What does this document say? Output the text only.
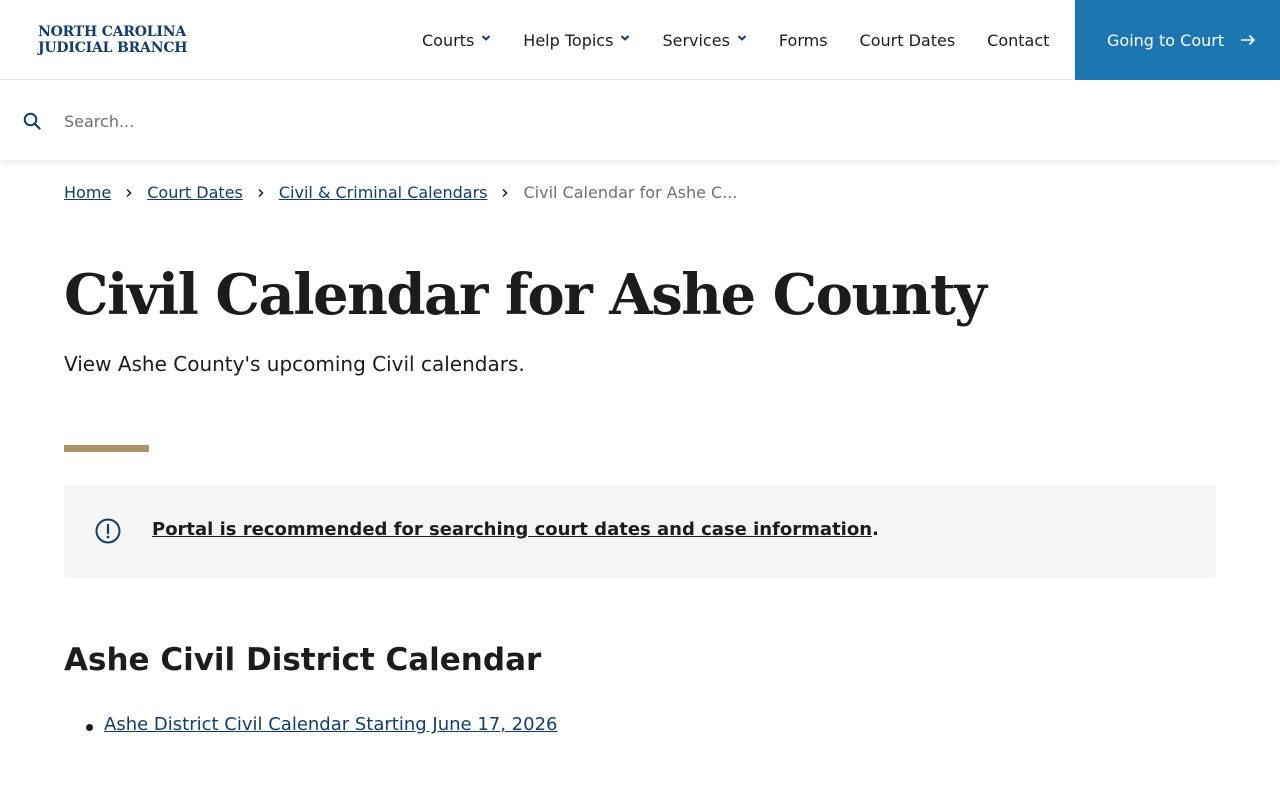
NORTH CAROLINA
JUDICIAL BRANCH	Courts	Help Topics	Services	Forms Court Dates Contact	Going to Court
Search...
Home Court Dates Civil & Criminal Calendars Civil Calendar for Ashe C...
Civil Calendar for Ashe County

View Ashe County's upcoming Civil calendars.

Portal is recommended for searching court dates and case information.
Ashe Civil District Calendar
Ashe District Civil Calendar Starting June 17, 2026
